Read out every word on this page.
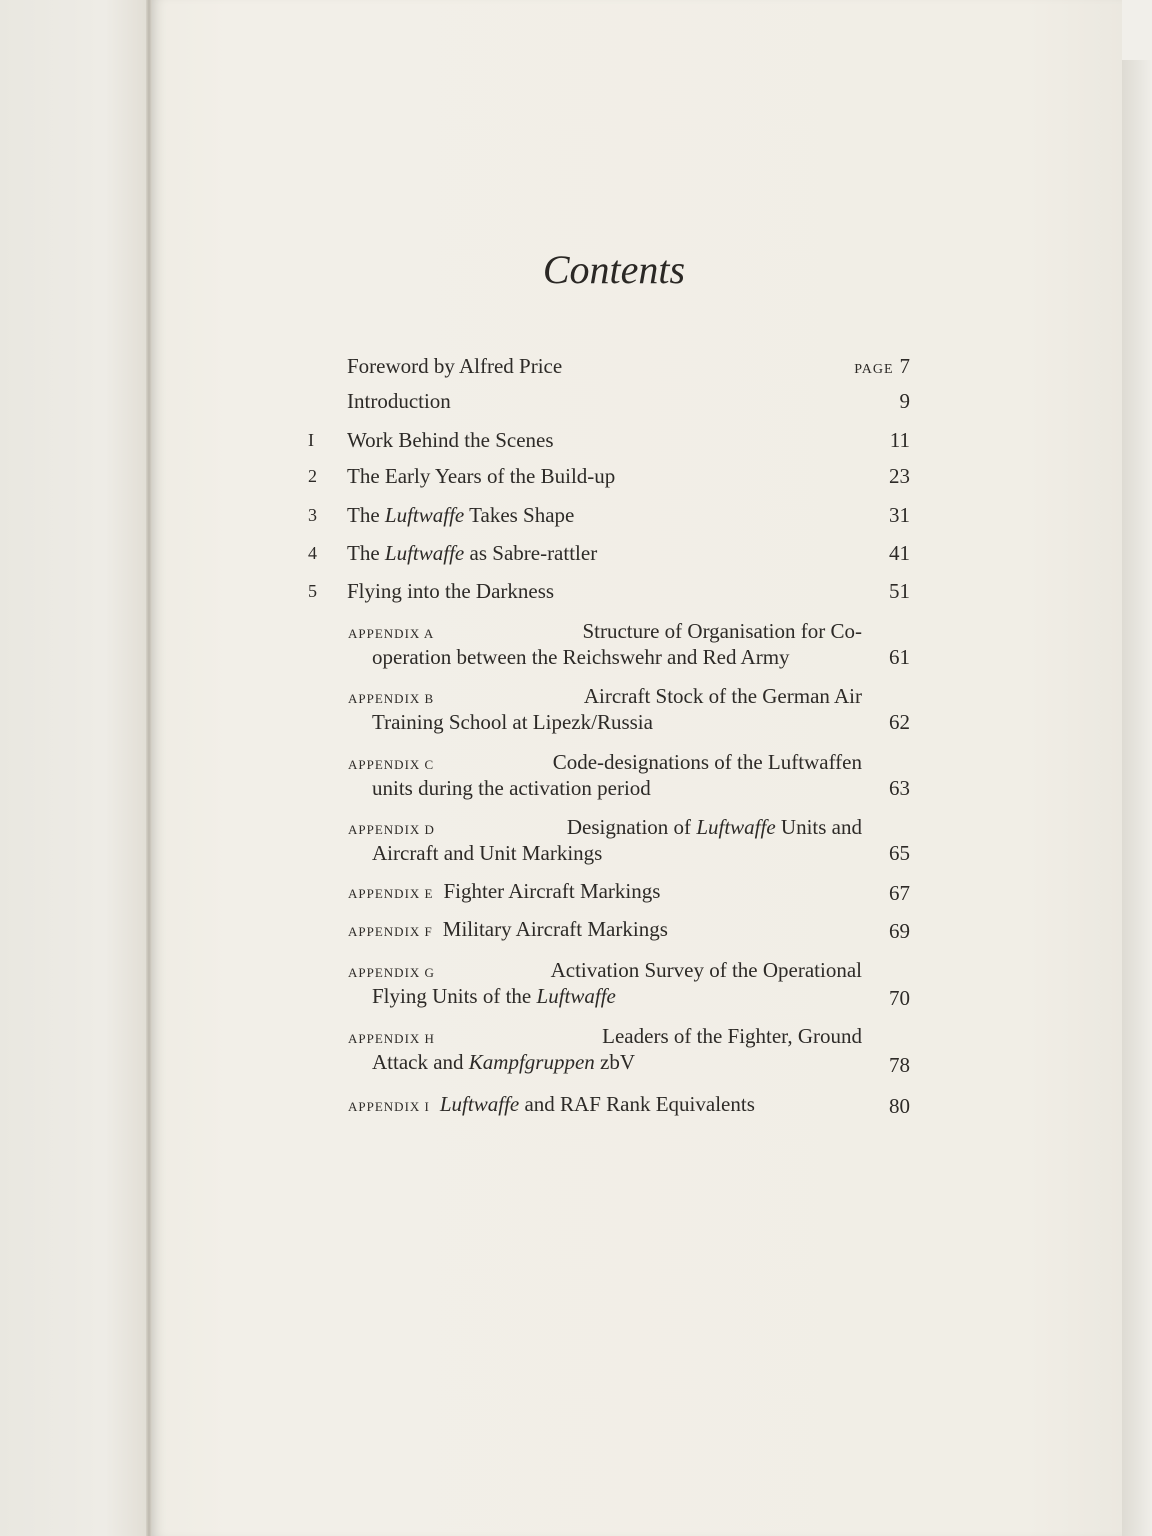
Contents
Foreword by Alfred Price	PAGE 7
Introduction	9
I Work Behind the Scenes	11
2 The Early Years of the Build-up	23
3 The Luftwaffe Takes Shape	31
4 The Luftwaffe as Sabre-rattler	41
5 Flying into the Darkness	51
APPENDIX A	Structure of Organisation for Co-
operation between the Reichswehr and Red Army	61
APPENDIX B	Aircraft Stock of the German Air
Training School at Lipezk/Russia	62
APPENDIX C	Code-designations of the Luftwaffen
units during the activation period	63
APPENDIX D	Designation of Luftwaffe Units and
Aircraft and Unit Markings	65
APPENDIX E Fighter Aircraft Markings	67
APPENDIX F Military Aircraft Markings	69
APPENDIX G	Activation Survey of the Operational
Flying Units of the Luftwaffe	70
APPENDIX H	Leaders of the Fighter, Ground
Attack and Kampfgruppen zbV	78
APPENDIX I Luftwaffe and RAF Rank Equivalents	80
